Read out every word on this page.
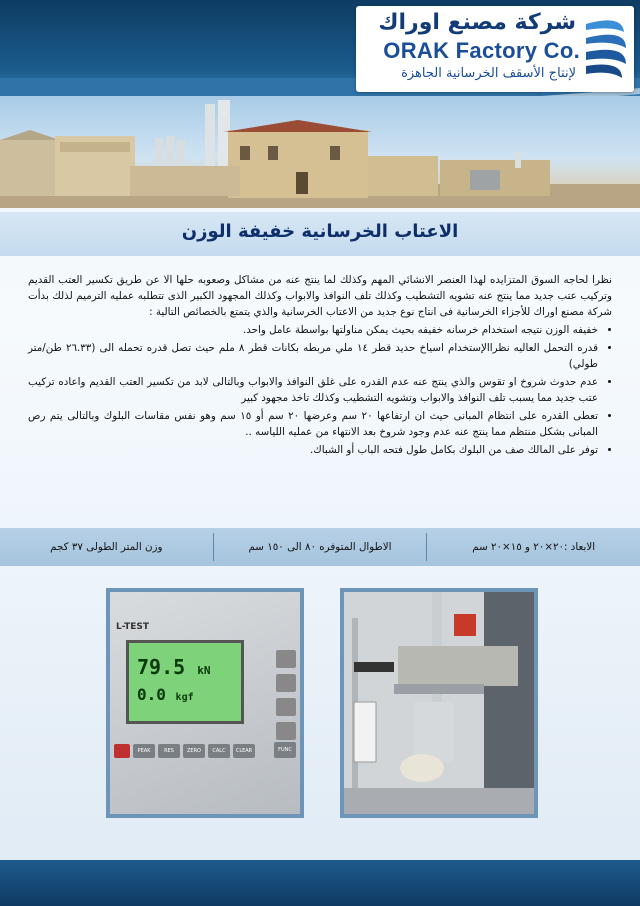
شركة مصنع اوراك
ORAK Factory Co.
لإنتاج الأسقف الخرسانية الجاهزة
الاعتاب الخرسانية خفيفة الوزن

نظرا لحاجه السوق المتزايده لهذا العنصر الانشائي المهم وكذلك لما ينتج عنه من مشاكل وصعوبه حلها الا عن طريق تكسير العتب القديم وتركيب عتب جديد مما ينتج عنه تشويه التشطيب وكذلك تلف النوافذ والابواب وكذلك المجهود الكبير الذى تتطلبه عمليه الترميم لذلك بدأت شركة مصنع اوراك للأجزاء الخرسانية فى انتاج نوع جديد من الاعتاب الخرسانية والذي يتمتع بالخصائص التالية :

• خفيفه الوزن نتيجه استخدام خرسانه خفيفه بحيث يمكن مناولتها بواسطة عامل واحد.
• قدره التحمل العاليه نظراالإستخدام اسياخ حديد قطر ١٤ ملي مربطه بكانات قطر ٨ ملم حيث تصل قدره تحمله الى (٢٦.٣٣ طن/متر طولي)
• عدم حدوث شروخ او تقوس والذي ينتج عنه عدم القدره على غلق النوافذ والابواب وبالتالى لابد من تكسير العتب القديم واعاده تركيب عتب جديد مما يسبب تلف النوافذ والابواب وتشويه التشطيب وكذلك تاخذ مجهود كبير
• تعطى القدره على انتظام المبانى حيث ان ارتفاعها ٢٠ سم وعرضها ٢٠ سم أو ١٥ سم وهو نفس مقاسات البلوك وبالتالى يتم رص المبانى بشكل منتظم مما ينتج عنه عدم وجود شروخ بعد الانتهاء من عمليه اللياسه ..
• توفر على المالك صف من البلوك بكامل طول فتحه الباب أو الشباك.
الابعاد :٢٠×٢٠ و ١٥×٢٠ سم
الاطوال المتوفره ٨٠ الى ١٥٠ سم
وزن المتر الطولى ٣٧ كجم
L-TEST
79.5 kN
0.0 kgf
PEAK	RES	ZERO	CALC	CLEAR	FUNC
